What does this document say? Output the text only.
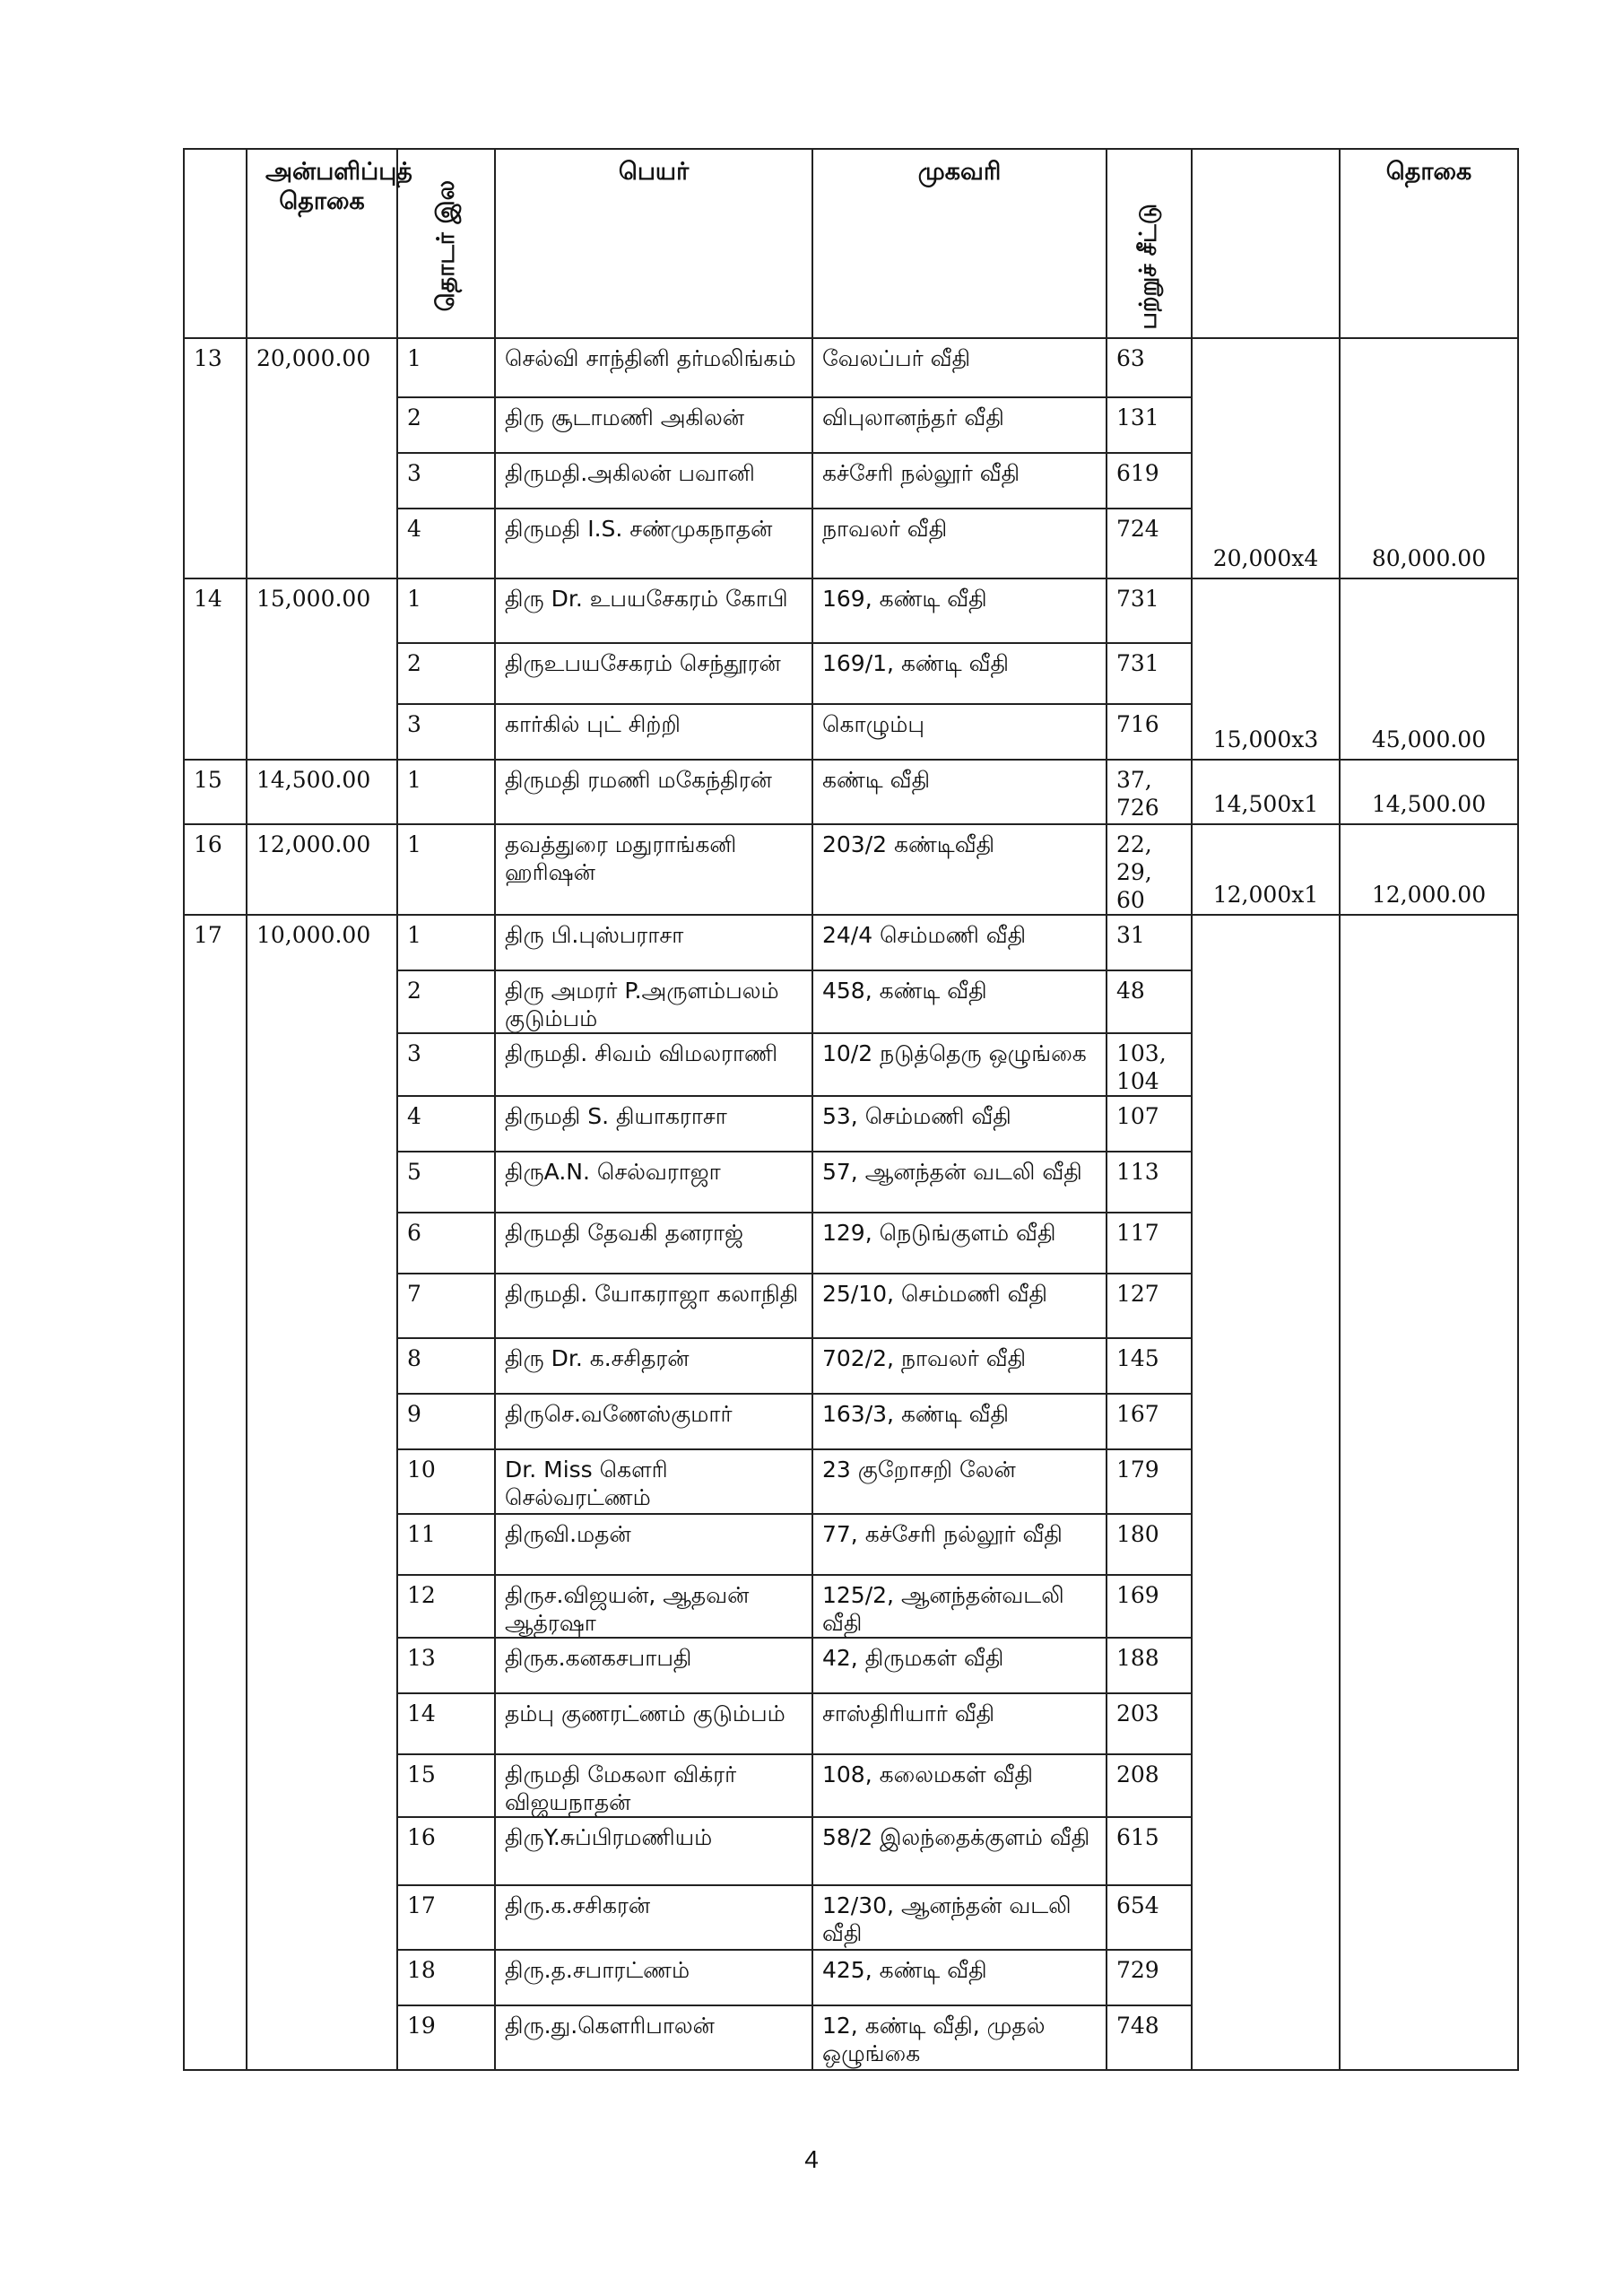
	அன்பளிப்புத் தொகை	தொடர் இல	பெயர்	முகவரி	பற்றுச் சீட்டு		தொகை
13	20,000.00	1	செல்வி சாந்தினி தர்மலிங்கம்	வேலப்பர் வீதி	63	20,000x4	80,000.00
		2	திரு சூடாமணி அகிலன்	விபுலானந்தர் வீதி	131		
		3	திருமதி.அகிலன் பவானி	கச்சேரி நல்லூர் வீதி	619		
		4	திருமதி I.S. சண்முகநாதன்	நாவலர் வீதி	724		
14	15,000.00	1	திரு Dr. உபயசேகரம் கோபி	169, கண்டி வீதி	731	15,000x3	45,000.00
		2	திருஉபயசேகரம் செந்தூரன்	169/1, கண்டி வீதி	731		
		3	கார்கில் புட் சிற்றி	கொழும்பு	716		
15	14,500.00	1	திருமதி ரமணி மகேந்திரன்	கண்டி வீதி	37, 726	14,500x1	14,500.00
16	12,000.00	1	தவத்துரை மதுராங்கனி ஹரிஷன்	203/2 கண்டிவீதி	22, 29, 60	12,000x1	12,000.00
17	10,000.00	1	திரு பி.புஸ்பராசா	24/4 செம்மணி வீதி	31		
		2	திரு அமரர் P.அருளம்பலம் குடும்பம்	458, கண்டி வீதி	48		
		3	திருமதி. சிவம் விமலராணி	10/2 நடுத்தெரு ஒழுங்கை	103, 104		
		4	திருமதி S. தியாகராசா	53, செம்மணி வீதி	107		
		5	திருA.N. செல்வராஜா	57, ஆனந்தன் வடலி வீதி	113		
		6	திருமதி தேவகி தனராஜ்	129, நெடுங்குளம் வீதி	117		
		7	திருமதி. யோகராஜா கலாநிதி	25/10, செம்மணி வீதி	127		
		8	திரு Dr. க.சசிதரன்	702/2, நாவலர் வீதி	145		
		9	திருசெ.வணேஸ்குமார்	163/3, கண்டி வீதி	167		
		10	Dr. Miss கௌரி செல்வரட்ணம்	23 குறோசறி லேன்	179		
		11	திருவி.மதன்	77, கச்சேரி நல்லூர் வீதி	180		
		12	திருச.விஜயன், ஆதவன் ஆத்ரஷா	125/2, ஆனந்தன்வடலி வீதி	169		
		13	திருக.கனகசபாபதி	42, திருமகள் வீதி	188		
		14	தம்பு குணரட்ணம் குடும்பம்	சாஸ்திரியார் வீதி	203		
		15	திருமதி மேகலா விக்ரர் விஜயநாதன்	108, கலைமகள் வீதி	208		
		16	திருY.சுப்பிரமணியம்	58/2 இலந்தைக்குளம் வீதி	615		
		17	திரு.க.சசிகரன்	12/30, ஆனந்தன் வடலி வீதி	654		
		18	திரு.த.சபாரட்ணம்	425, கண்டி வீதி	729		
		19	திரு.து.கௌரிபாலன்	12, கண்டி வீதி, முதல் ஒழுங்கை	748		
4
